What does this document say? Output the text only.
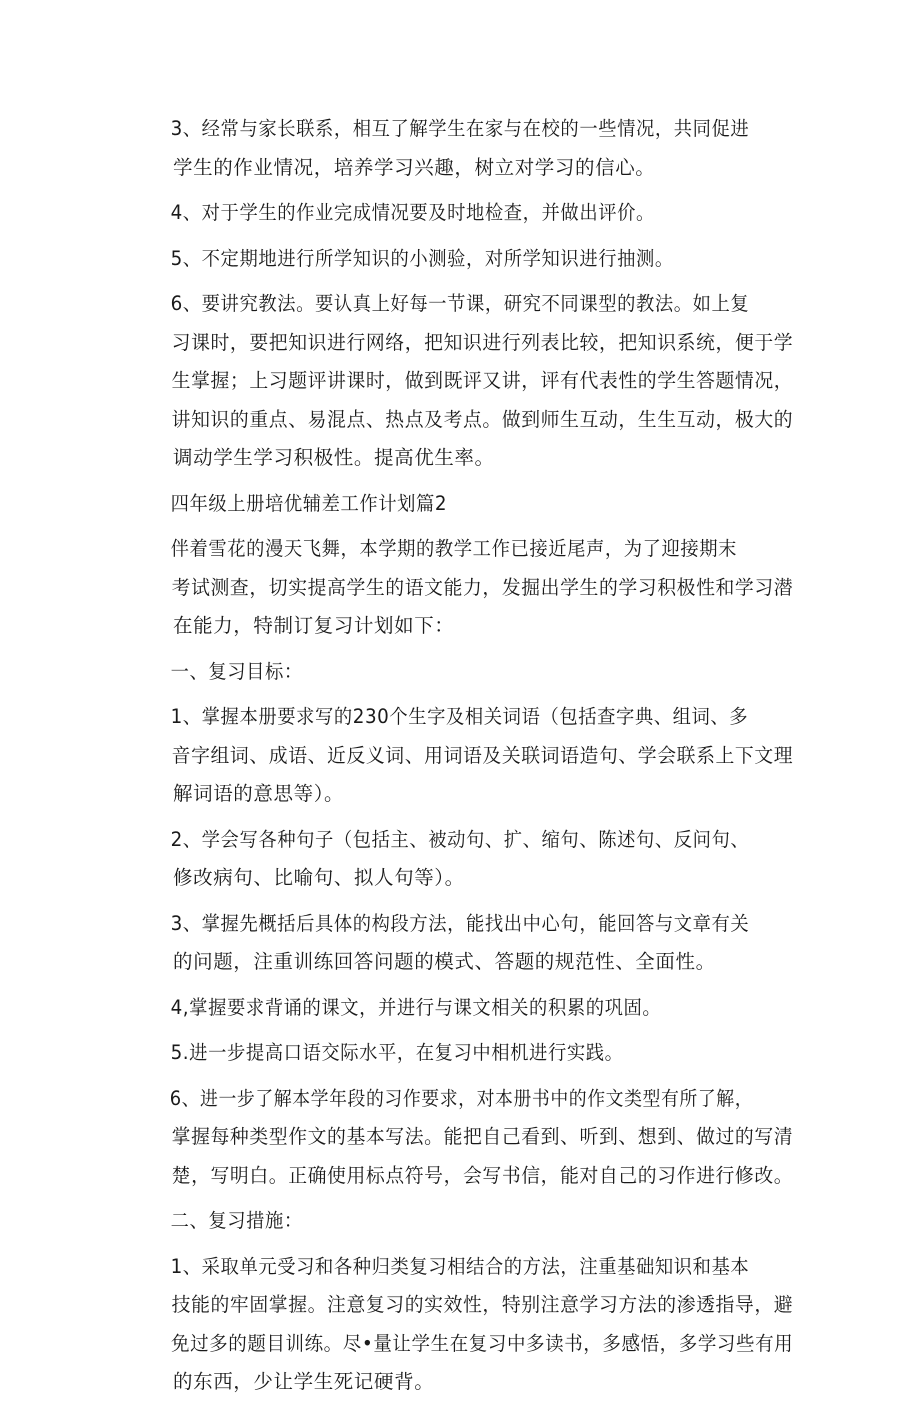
3、经常与家长联系，相互了解学生在家与在校的一些情况，共同促进
学生的作业情况，培养学习兴趣，树立对学习的信心。

4、对于学生的作业完成情况要及时地检查，并做出评价。

5、不定期地进行所学知识的小测验，对所学知识进行抽测。

6、要讲究教法。要认真上好每一节课，研究不同课型的教法。如上复
习课时，要把知识进行网络，把知识进行列表比较，把知识系统，便于学
生掌握；上习题评讲课时，做到既评又讲，评有代表性的学生答题情况，
讲知识的重点、易混点、热点及考点。做到师生互动，生生互动，极大的
调动学生学习积极性。提高优生率。

四年级上册培优辅差工作计划篇2

伴着雪花的漫天飞舞，本学期的教学工作已接近尾声，为了迎接期末
考试测查，切实提高学生的语文能力，发掘出学生的学习积极性和学习潜
在能力，特制订复习计划如下：

一、复习目标：

1、掌握本册要求写的230个生字及相关词语（包括查字典、组词、多
音字组词、成语、近反义词、用词语及关联词语造句、学会联系上下文理
解词语的意思等）。

2、学会写各种句子（包括主、被动句、扩、缩句、陈述句、反问句、
修改病句、比喻句、拟人句等）。

3、掌握先概括后具体的构段方法，能找出中心句，能回答与文章有关
的问题，注重训练回答问题的模式、答题的规范性、全面性。

4,掌握要求背诵的课文，并进行与课文相关的积累的巩固。

5.进一步提高口语交际水平，在复习中相机进行实践。

6、进一步了解本学年段的习作要求，对本册书中的作文类型有所了解，
掌握每种类型作文的基本写法。能把自己看到、听到、想到、做过的写清
楚，写明白。正确使用标点符号，会写书信，能对自己的习作进行修改。

二、复习措施：

1、采取单元受习和各种归类复习相结合的方法，注重基础知识和基本
技能的牢固掌握。注意复习的实效性，特别注意学习方法的渗透指导，避
免过多的题目训练。尽•量让学生在复习中多读书，多感悟，多学习些有用
的东西，少让学生死记硬背。
